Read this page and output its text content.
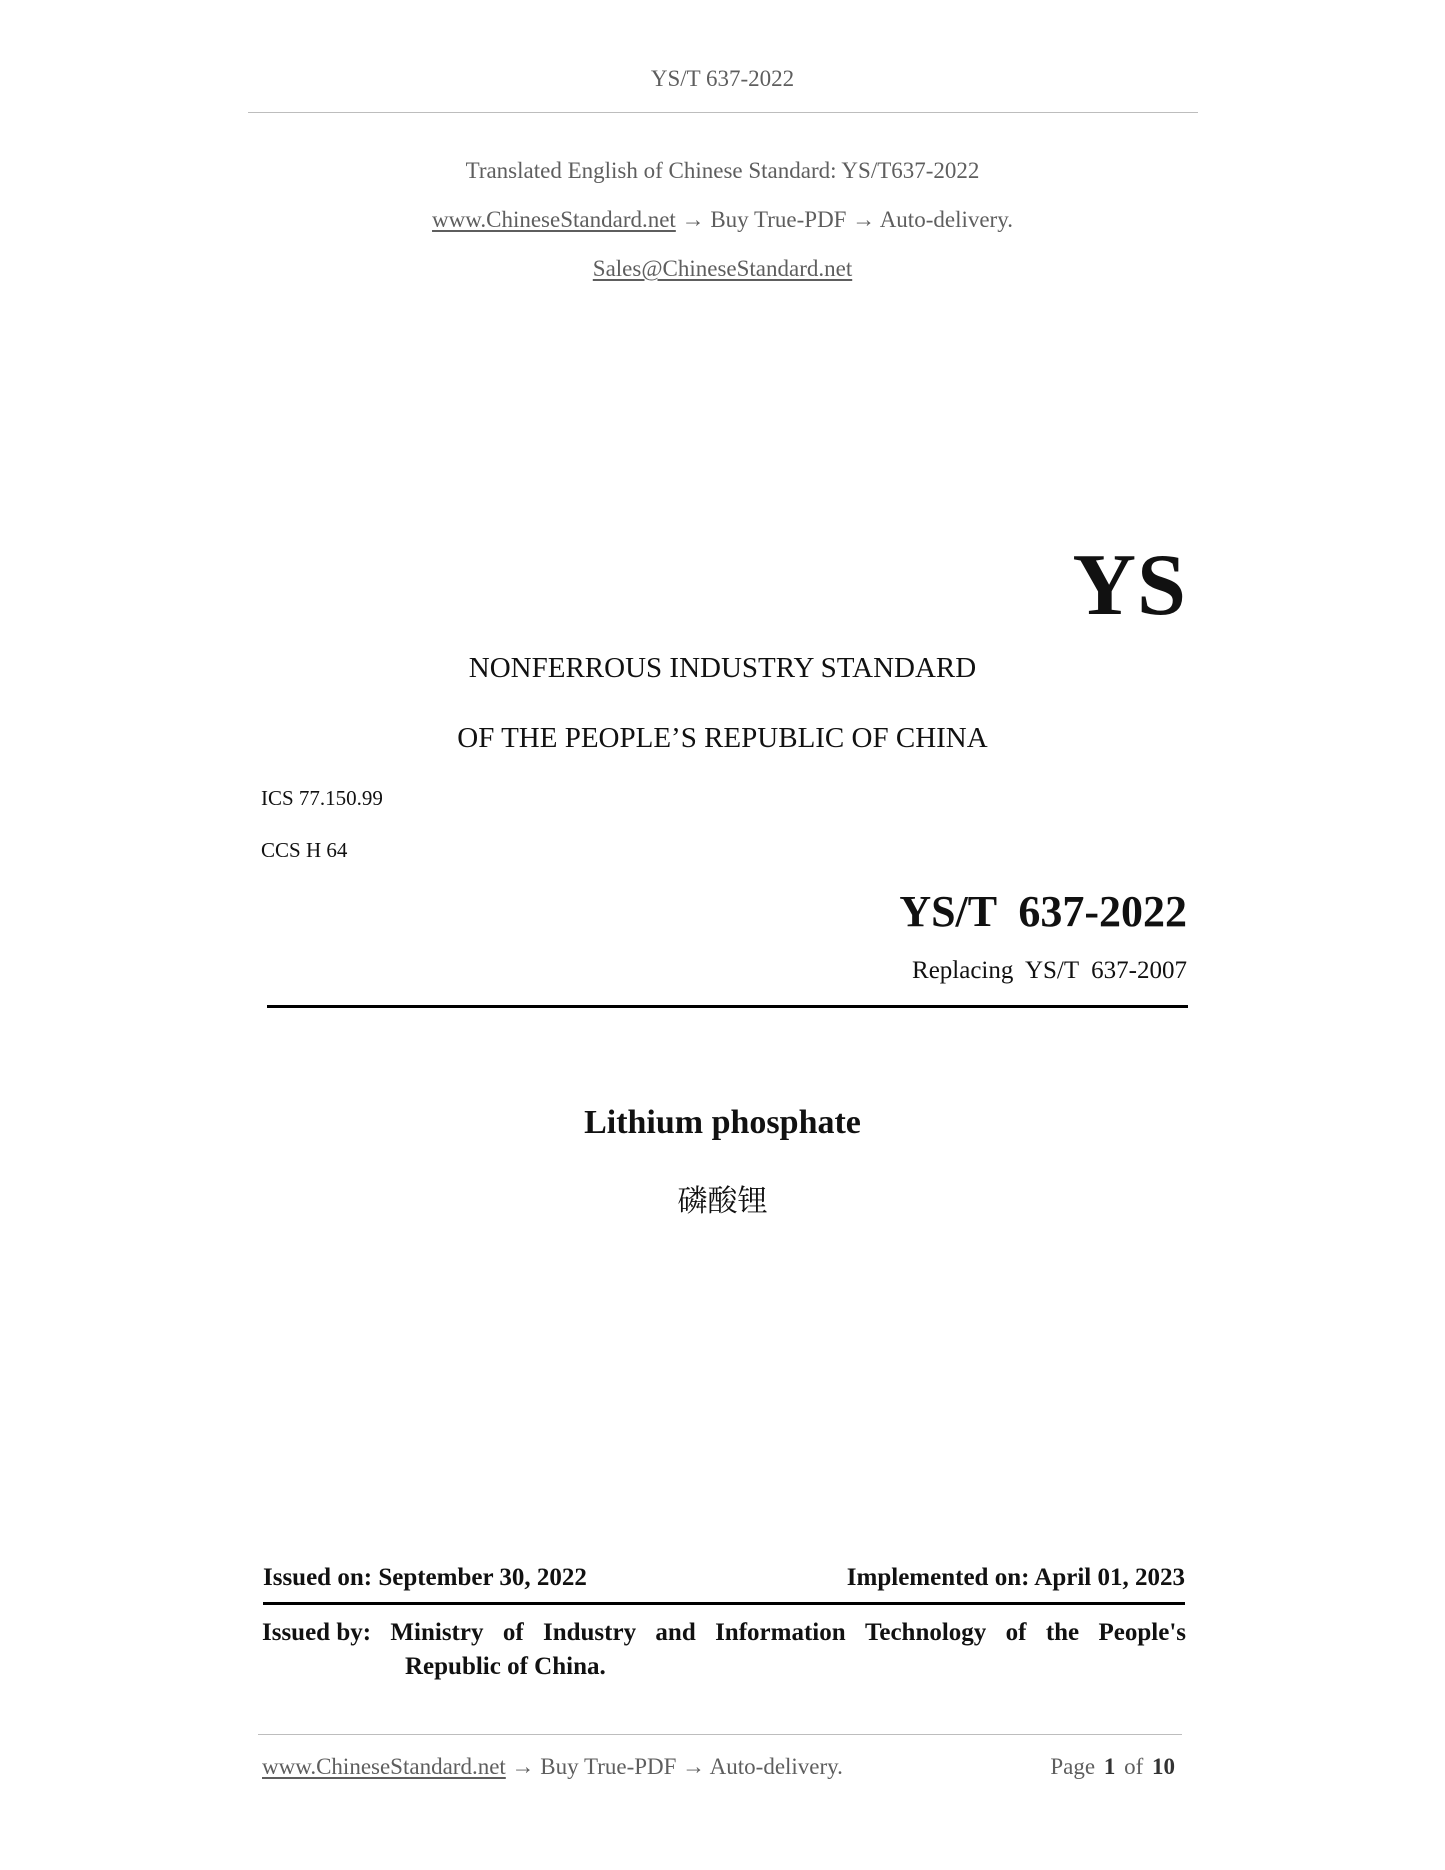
YS/T 637-2022
Translated English of Chinese Standard: YS/T637-2022
www.ChineseStandard.net → Buy True-PDF → Auto-delivery.
Sales@ChineseStandard.net
YS
NONFERROUS INDUSTRY STANDARD
OF THE PEOPLE’S REPUBLIC OF CHINA
ICS 77.150.99
CCS H 64
YS/T  637-2022
Replacing  YS/T  637-2007
Lithium phosphate
磷酸锂
Issued on: September 30, 2022	Implemented on: April 01, 2023
Issued by: Ministry of Industry and Information Technology of the People's
Republic of China.
www.ChineseStandard.net → Buy True-PDF → Auto-delivery.	Page 1 of 10
